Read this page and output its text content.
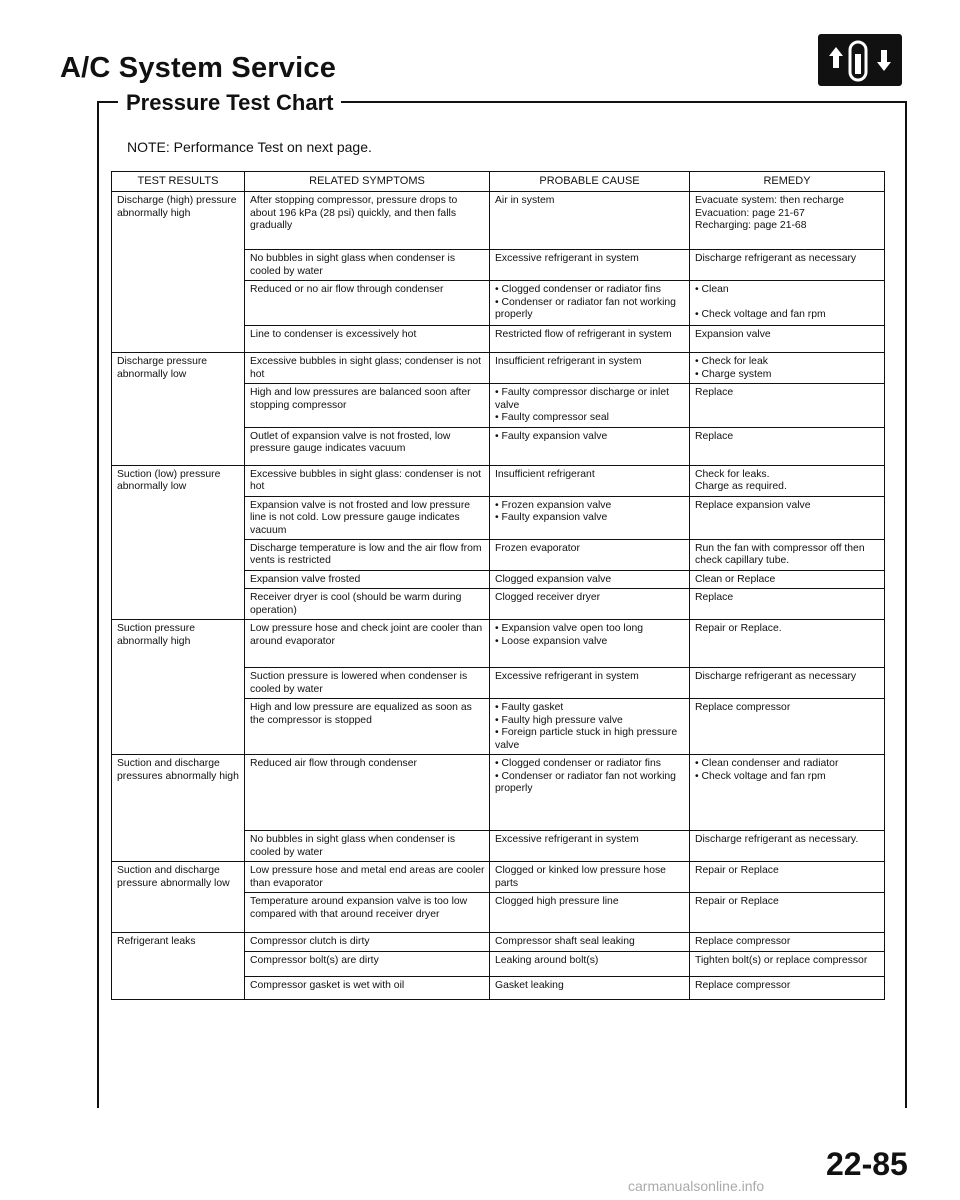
A/C System Service
Pressure Test Chart
NOTE: Performance Test on next page.
TEST RESULTS	RELATED SYMPTOMS	PROBABLE CAUSE	REMEDY
Discharge (high) pressure abnormally high	After stopping compressor, pressure drops to about 196 kPa (28 psi) quickly, and then falls gradually	Air in system	Evacuate system: then recharge
Evacuation: page 21-67
Recharging: page 21-68
	No bubbles in sight glass when condenser is cooled by water	Excessive refrigerant in system	Discharge refrigerant as necessary
	Reduced or no air flow through condenser	• Clogged condenser or radiator fins
• Condenser or radiator fan not working properly	• Clean

• Check voltage and fan rpm
	Line to condenser is excessively hot	Restricted flow of refrigerant in system	Expansion valve
Discharge pressure abnormally low	Excessive bubbles in sight glass; condenser is not hot	Insufficient refrigerant in system	• Check for leak
• Charge system
	High and low pressures are balanced soon after stopping compressor	• Faulty compressor discharge or inlet valve
• Faulty compressor seal	Replace
	Outlet of expansion valve is not frosted, low pressure gauge indicates vacuum	• Faulty expansion valve	Replace
Suction (low) pressure abnormally low	Excessive bubbles in sight glass: condenser is not hot	Insufficient refrigerant	Check for leaks.
Charge as required.
	Expansion valve is not frosted and low pressure line is not cold. Low pressure gauge indicates vacuum	• Frozen expansion valve
• Faulty expansion valve	Replace expansion valve
	Discharge temperature is low and the air flow from vents is restricted	Frozen evaporator	Run the fan with compressor off then check capillary tube.
	Expansion valve frosted	Clogged expansion valve	Clean or Replace
	Receiver dryer is cool (should be warm during operation)	Clogged receiver dryer	Replace
Suction pressure abnormally high	Low pressure hose and check joint are cooler than around evaporator	• Expansion valve open too long
• Loose expansion valve	Repair or Replace.
	Suction pressure is lowered when condenser is cooled by water	Excessive refrigerant in system	Discharge refrigerant as necessary
	High and low pressure are equalized as soon as the compressor is stopped	• Faulty gasket
• Faulty high pressure valve
• Foreign particle stuck in high pressure valve	Replace compressor
Suction and discharge pressures abnormally high	Reduced air flow through condenser	• Clogged condenser or radiator fins
• Condenser or radiator fan not working properly	• Clean condenser and radiator
• Check voltage and fan rpm
	No bubbles in sight glass when condenser is cooled by water	Excessive refrigerant in system	Discharge refrigerant as necessary.
Suction and discharge pressure abnormally low	Low pressure hose and metal end areas are cooler than evaporator	Clogged or kinked low pressure hose parts	Repair or Replace
	Temperature around expansion valve is too low compared with that around receiver dryer	Clogged high pressure line	Repair or Replace
Refrigerant leaks	Compressor clutch is dirty	Compressor shaft seal leaking	Replace compressor
	Compressor bolt(s) are dirty	Leaking around bolt(s)	Tighten bolt(s) or replace compressor
	Compressor gasket is wet with oil	Gasket leaking	Replace compressor
22-85
carmanualsonline.info
